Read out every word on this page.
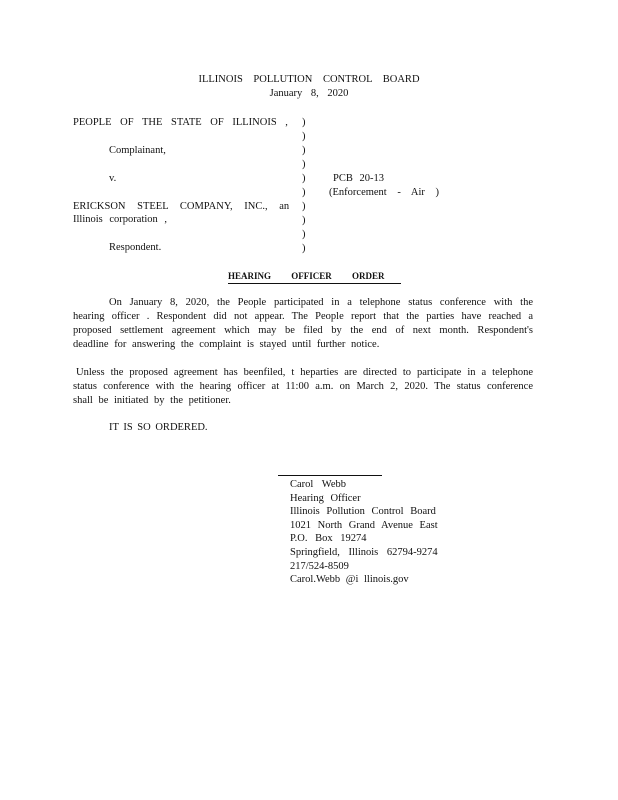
ILLINOIS POLLUTION CONTROL BOARD
January 8, 2020
PEOPLE OF THE STATE OF ILLINOIS ,
Complainant,
v.
ERICKSON STEEL COMPANY, INC., an
Illinois corporation ,
Respondent.
)
)
)
)
)
)
)
)
)
)
PCB 20-13
(Enforcement - Air )
HEARING OFFICER ORDER
On January 8, 2020, the People participated in a telephone status conference with the hearing officer . Respondent did not appear. The People report that the parties have reached a proposed settlement agreement which may be filed by the end of next month. Respondent's deadline for answering the complaint is stayed until further notice.
Unless the proposed agreement has beenfiled, t heparties are directed to participate in a telephone status conference with the hearing officer at 11:00 a.m. on March 2, 2020. The status conference shall be initiated by the petitioner.
IT IS SO ORDERED.
Carol Webb
Hearing Officer
Illinois Pollution Control Board
1021 North Grand Avenue East
P.O. Box 19274
Springfield, Illinois 62794-9274
217/524-8509
Carol.Webb @i llinois.gov
